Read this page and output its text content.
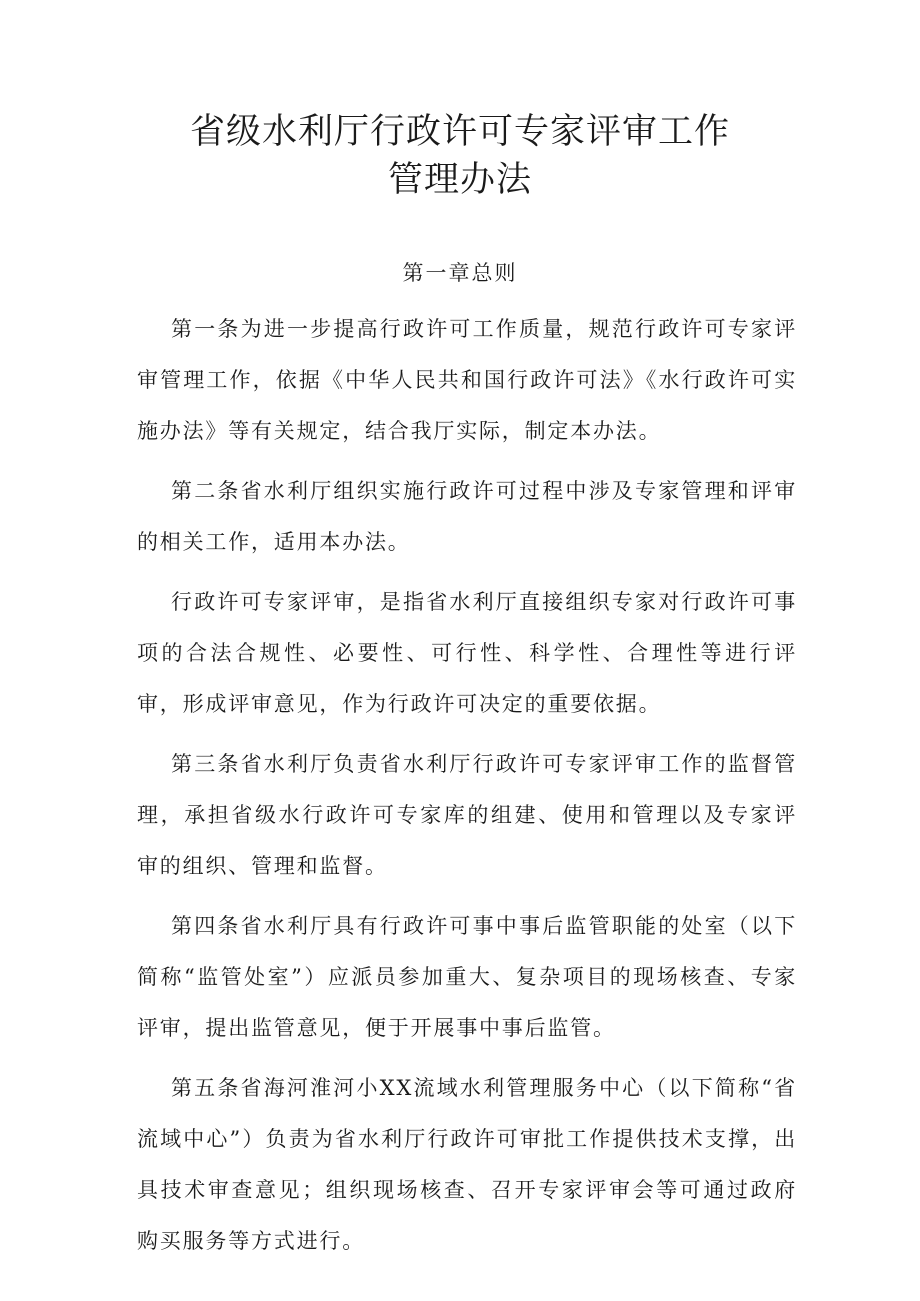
省级水利厅行政许可专家评审工作
管理办法
第一章总则

第一条为进一步提高行政许可工作质量，规范行政许可专家评审管理工作，依据《中华人民共和国行政许可法》《水行政许可实施办法》等有关规定，结合我厅实际，制定本办法。

第二条省水利厅组织实施行政许可过程中涉及专家管理和评审的相关工作，适用本办法。

行政许可专家评审，是指省水利厅直接组织专家对行政许可事项的合法合规性、必要性、可行性、科学性、合理性等进行评审，形成评审意见，作为行政许可决定的重要依据。

第三条省水利厅负责省水利厅行政许可专家评审工作的监督管理，承担省级水行政许可专家库的组建、使用和管理以及专家评审的组织、管理和监督。

第四条省水利厅具有行政许可事中事后监管职能的处室（以下简称“监管处室”）应派员参加重大、复杂项目的现场核查、专家评审，提出监管意见，便于开展事中事后监管。

第五条省海河淮河小XX流域水利管理服务中心（以下简称“省流域中心”）负责为省水利厅行政许可审批工作提供技术支撑，出具技术审查意见；组织现场核查、召开专家评审会等可通过政府购买服务等方式进行。
